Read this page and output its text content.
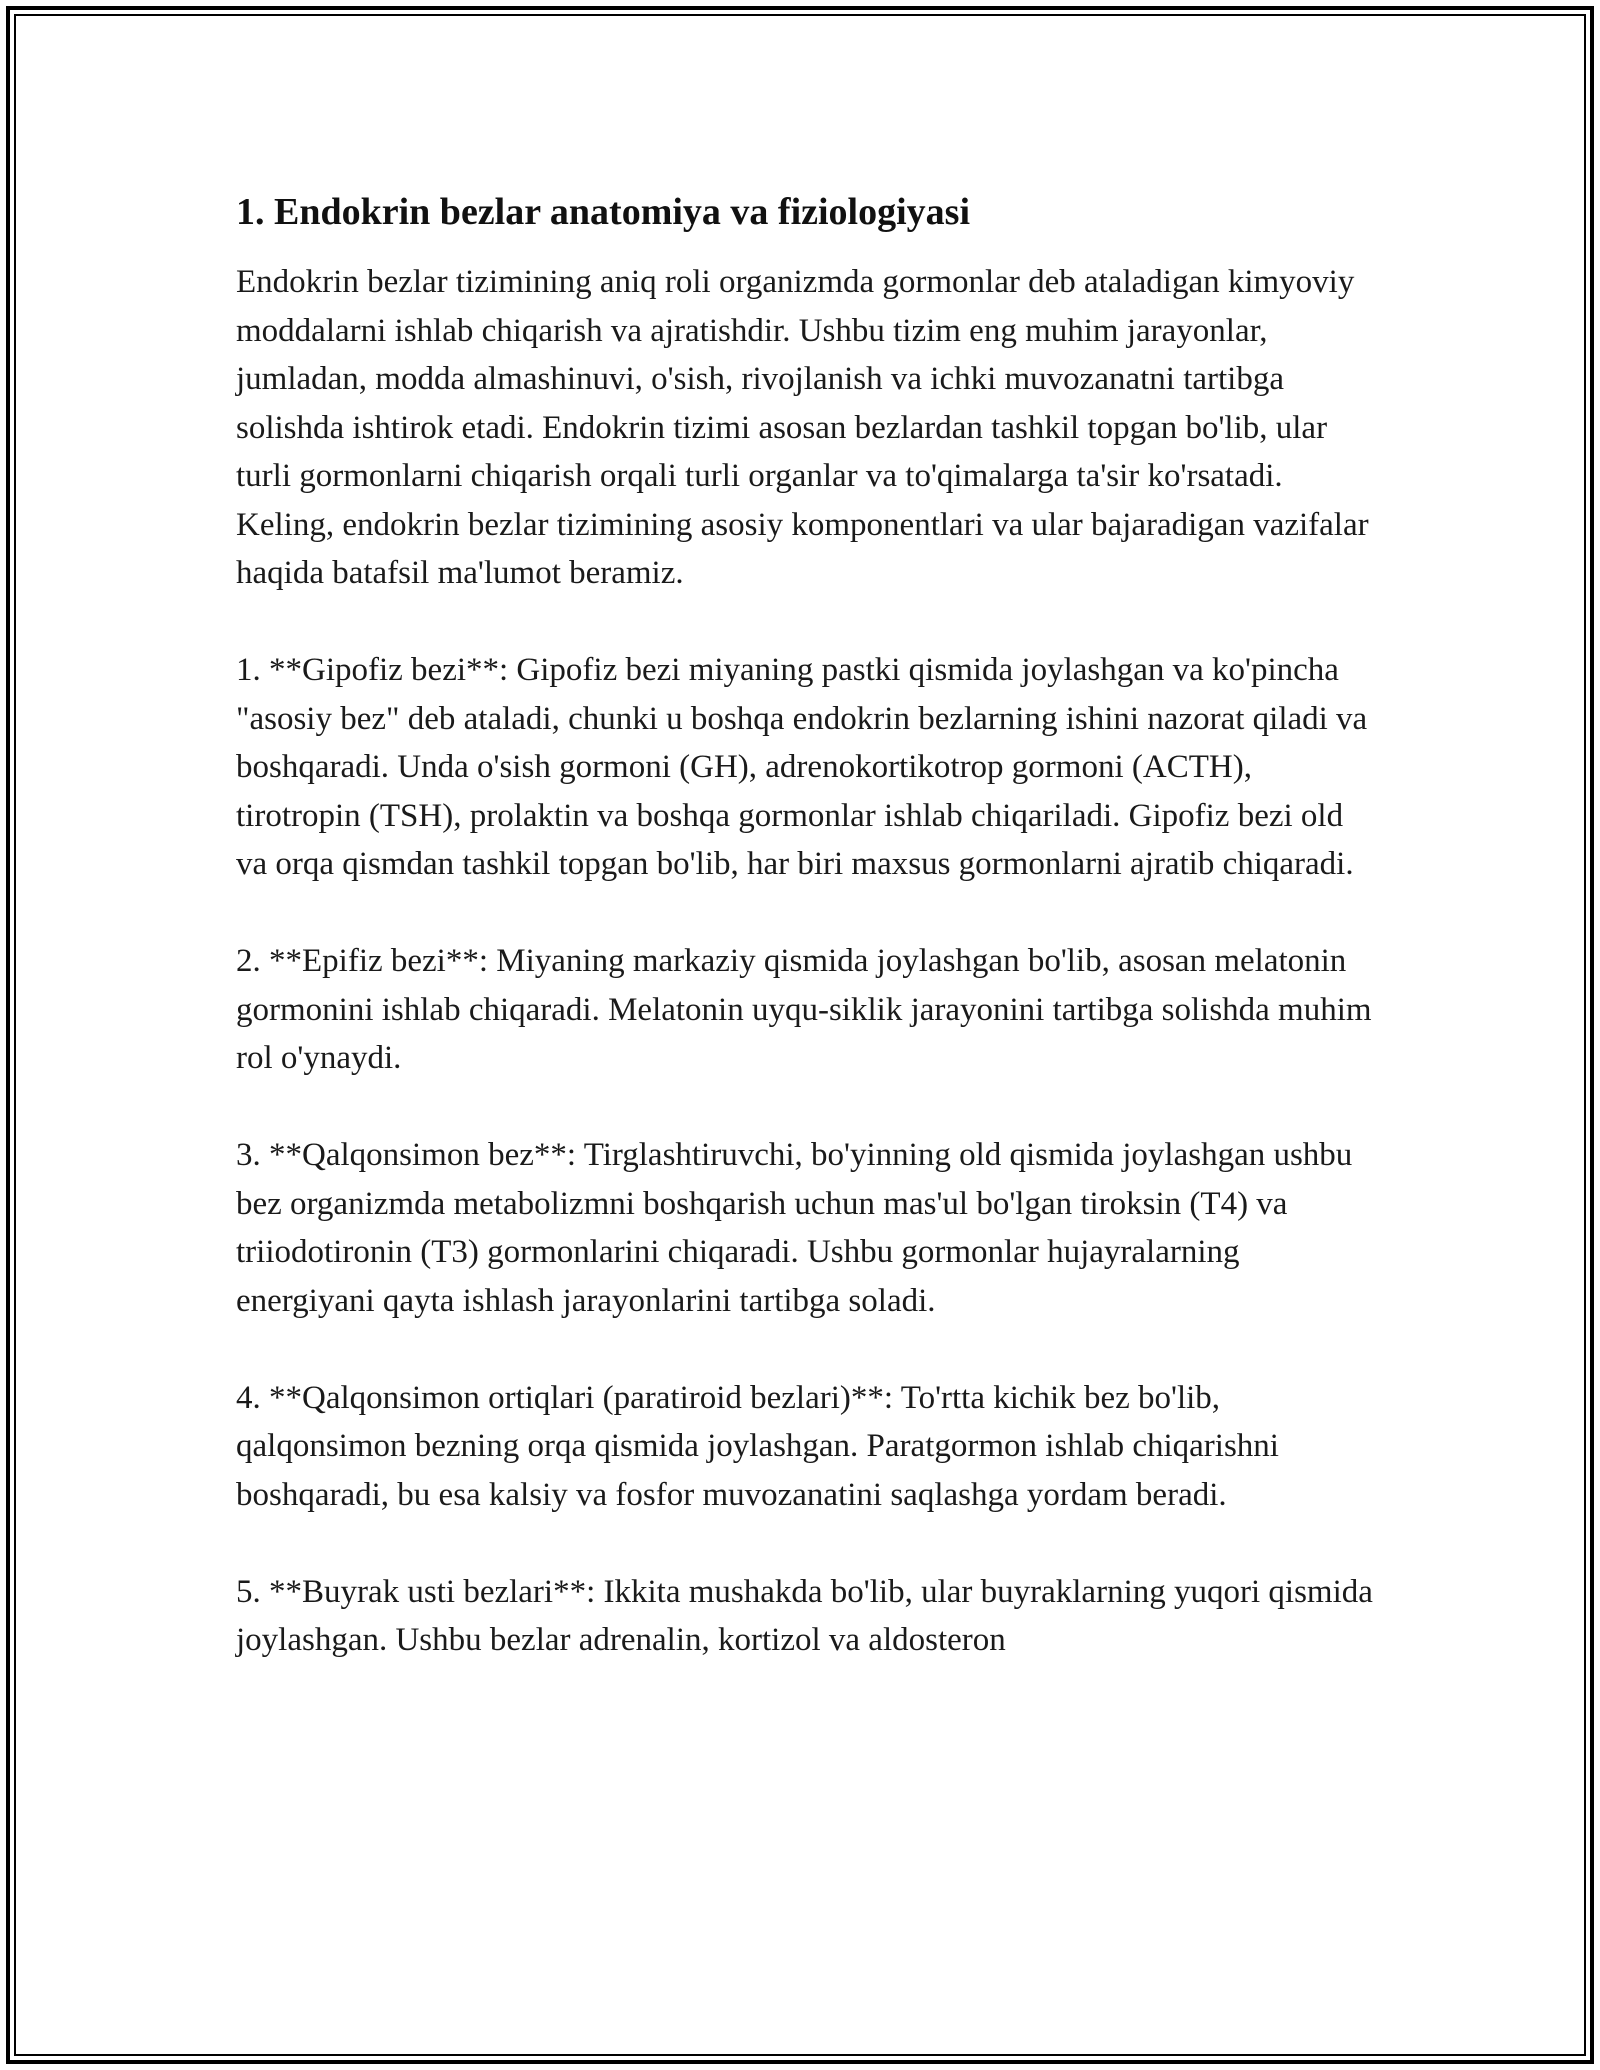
1. Endokrin bezlar anatomiya va fiziologiyasi

Endokrin bezlar tizimining aniq roli organizmda gormonlar deb ataladigan kimyoviy moddalarni ishlab chiqarish va ajratishdir. Ushbu tizim eng muhim jarayonlar, jumladan, modda almashinuvi, o'sish, rivojlanish va ichki muvozanatni tartibga solishda ishtirok etadi. Endokrin tizimi asosan bezlardan tashkil topgan bo'lib, ular turli gormonlarni chiqarish orqali turli organlar va to'qimalarga ta'sir ko'rsatadi. Keling, endokrin bezlar tizimining asosiy komponentlari va ular bajaradigan vazifalar haqida batafsil ma'lumot beramiz.

1. **Gipofiz bezi**: Gipofiz bezi miyaning pastki qismida joylashgan va ko'pincha "asosiy bez" deb ataladi, chunki u boshqa endokrin bezlarning ishini nazorat qiladi va boshqaradi. Unda o'sish gormoni (GH), adrenokortikotrop gormoni (ACTH), tirotropin (TSH), prolaktin va boshqa gormonlar ishlab chiqariladi. Gipofiz bezi old va orqa qismdan tashkil topgan bo'lib, har biri maxsus gormonlarni ajratib chiqaradi.

2. **Epifiz bezi**: Miyaning markaziy qismida joylashgan bo'lib, asosan melatonin gormonini ishlab chiqaradi. Melatonin uyqu-siklik jarayonini tartibga solishda muhim rol o'ynaydi.

3. **Qalqonsimon bez**: Tirglashtiruvchi, bo'yinning old qismida joylashgan ushbu bez organizmda metabolizmni boshqarish uchun mas'ul bo'lgan tiroksin (T4) va triiodotironin (T3) gormonlarini chiqaradi. Ushbu gormonlar hujayralarning energiyani qayta ishlash jarayonlarini tartibga soladi.

4. **Qalqonsimon ortiqlari (paratiroid bezlari)**: To'rtta kichik bez bo'lib, qalqonsimon bezning orqa qismida joylashgan. Paratgormon ishlab chiqarishni boshqaradi, bu esa kalsiy va fosfor muvozanatini saqlashga yordam beradi.

5. **Buyrak usti bezlari**: Ikkita mushakda bo'lib, ular buyraklarning yuqori qismida joylashgan. Ushbu bezlar adrenalin, kortizol va aldosteron
